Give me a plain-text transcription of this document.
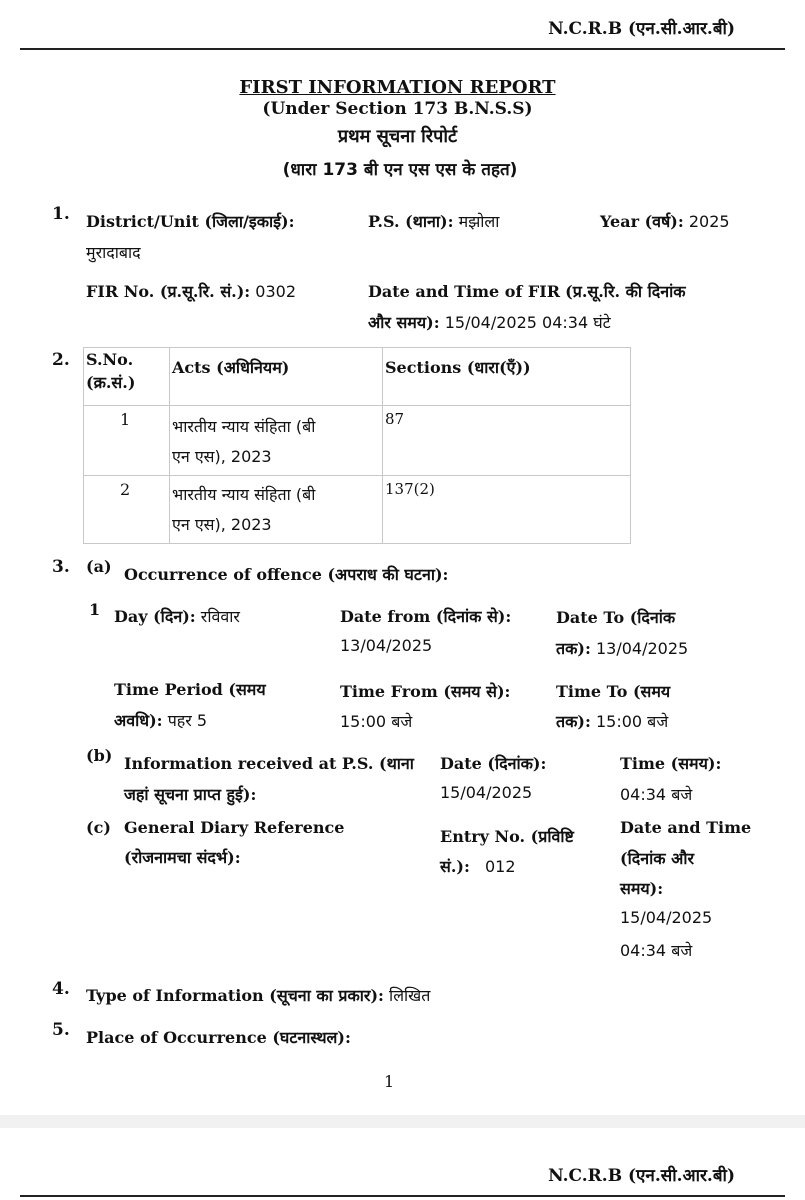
N.C.R.B (एन.सी.आर.बी)
FIRST INFORMATION REPORT
(Under Section 173 B.N.S.S)
प्रथम सूचना रिपोर्ट
(धारा 173 बी एन एस एस के तहत)
1. District/Unit (जिला/इकाई):
मुरादाबाद
P.S. (थाना): मझोला	Year (वर्ष): 2025
FIR No. (प्र.सू.रि. सं.): 0302	Date and Time of FIR (प्र.सू.रि. की दिनांक
और समय): 15/04/2025 04:34 घंटे
2. S.No.
(क्र.सं.)	Acts (अधिनियम)	Sections (धारा(एँ))

1	भारतीय न्याय संहिता (बी
एन एस), 2023	87

2	भारतीय न्याय संहिता (बी
एन एस), 2023	137(2)
3. (a) Occurrence of offence (अपराध की घटना):
1 Day (दिन): रविवार	Date from (दिनांक से):
13/04/2025
Date To (दिनांक
तक): 13/04/2025
Time Period (समय
अवधि): पहर 5
Time From (समय से):
15:00 बजे
Time To (समय
तक): 15:00 बजे
(b) Information received at P.S. (थाना
जहां सूचना प्राप्त हुई):
Date (दिनांक):
15/04/2025
Time (समय):
04:34 बजे
(c) General Diary Reference
(रोजनामचा संदर्भ):
Entry No. (प्रविष्टि
सं.): 012
Date and Time
(दिनांक और
समय):
15/04/2025
04:34 बजे
4. Type of Information (सूचना का प्रकार): लिखित
5. Place of Occurrence (घटनास्थल):
1
N.C.R.B (एन.सी.आर.बी)
